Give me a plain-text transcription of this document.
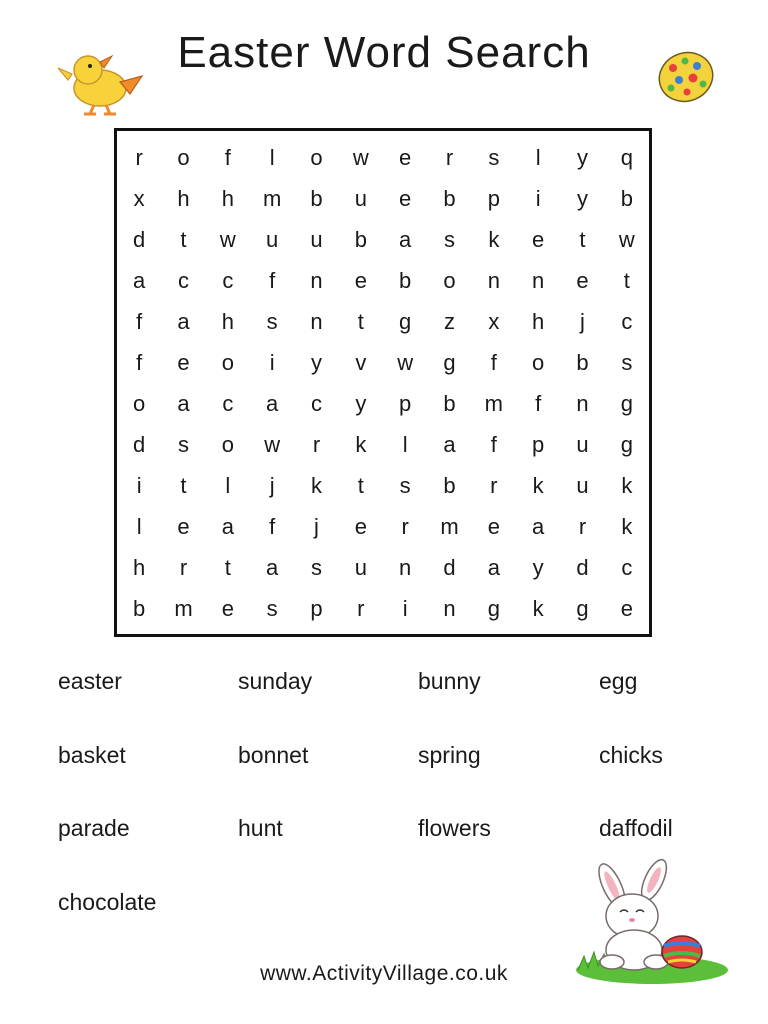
Easter Word Search
r	o	f	l	o	w	e	r	s	l	y	q
x	h	h	m	b	u	e	b	p	i	y	b
d	t	w	u	u	b	a	s	k	e	t	w
a	c	c	f	n	e	b	o	n	n	e	t
f	a	h	s	n	t	g	z	x	h	j	c
f	e	o	i	y	v	w	g	f	o	b	s
o	a	c	a	c	y	p	b	m	f	n	g
d	s	o	w	r	k	l	a	f	p	u	g
i	t	l	j	k	t	s	b	r	k	u	k
l	e	a	f	j	e	r	m	e	a	r	k
h	r	t	a	s	u	n	d	a	y	d	c
b	m	e	s	p	r	i	n	g	k	g	e
easter	sunday	bunny	egg
basket	bonnet	spring	chicks
parade	hunt	flowers	daffodil
chocolate
www.ActivityVillage.co.uk
